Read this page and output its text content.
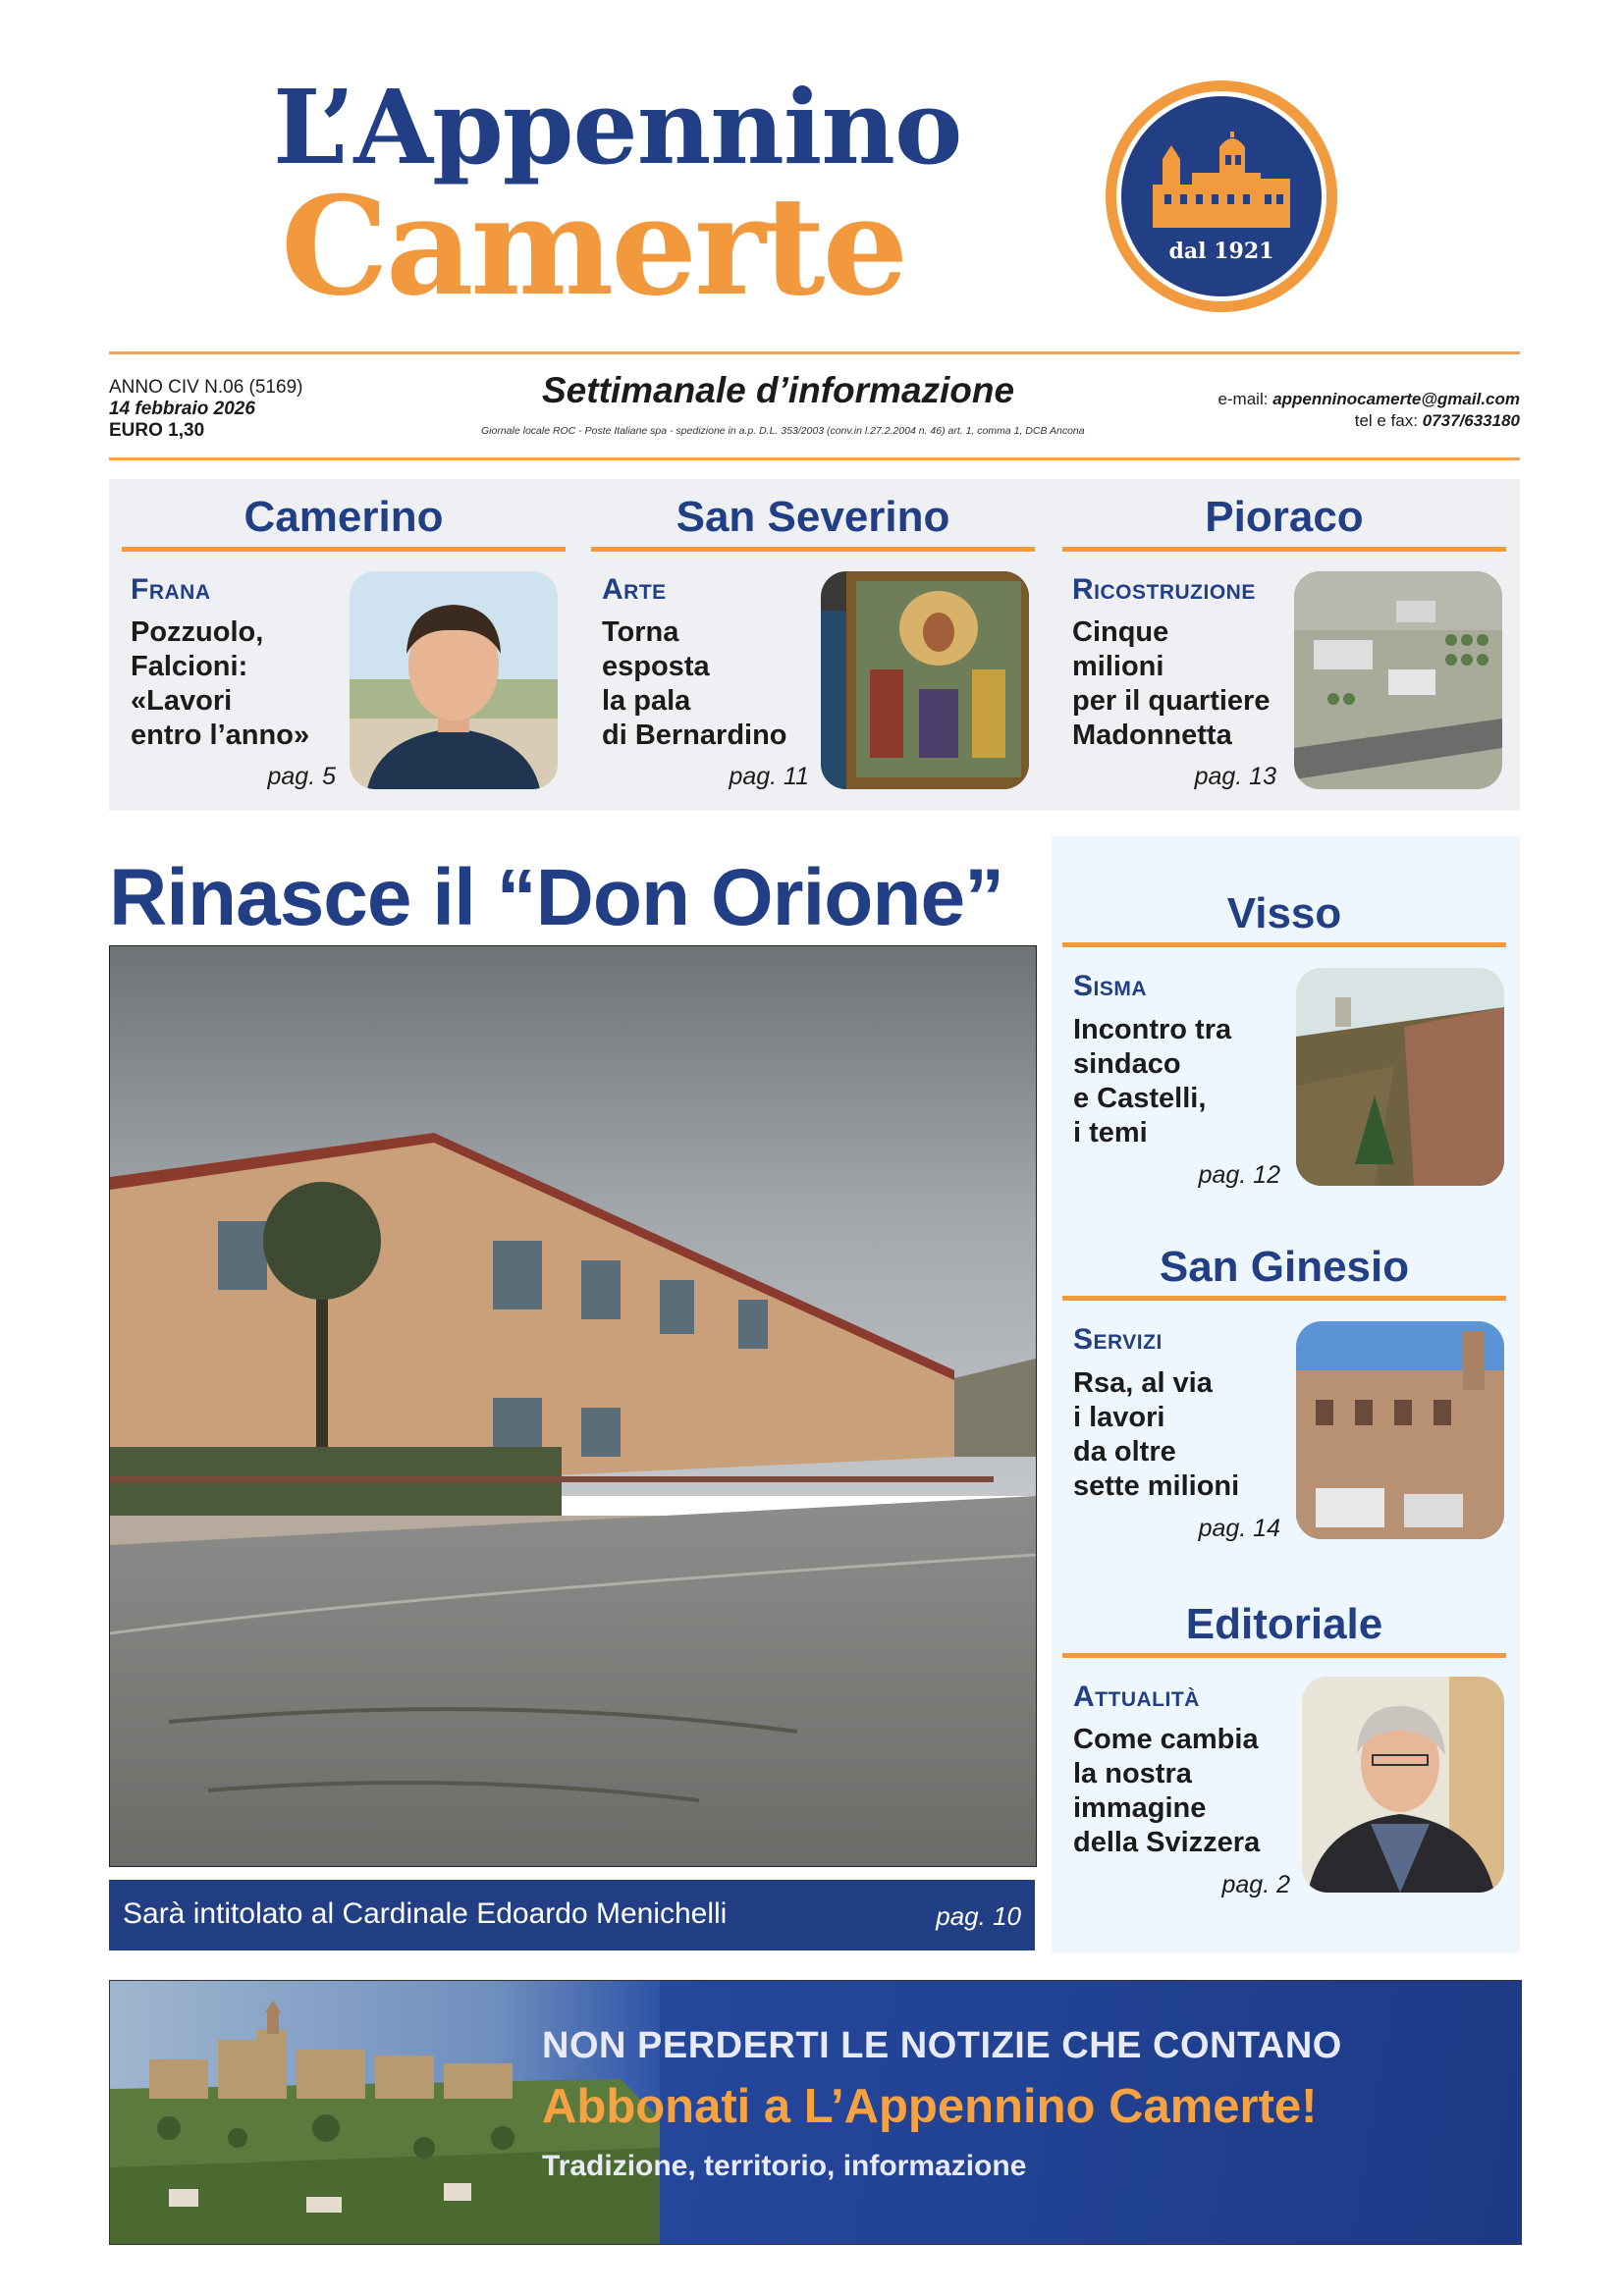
L’Appennino
Camerte	dal 1921
ANNO CIV N.06 (5169)
14 febbraio 2026
EURO 1,30
Settimanale d’informazione
Giornale locale ROC - Poste Italiane spa - spedizione in a.p. D.L. 353/2003 (conv.in l.27.2.2004 n. 46) art. 1, comma 1, DCB Ancona
e-mail: appenninocamerte@gmail.com
tel e fax: 0737/633180
Camerino
Frana
Pozzuolo,
Falcioni:
«Lavori
entro l’anno»
pag. 5
San Severino
Arte
Torna
esposta
la pala
di Bernardino
pag. 11
Pioraco
Ricostruzione
Cinque
milioni
per il quartiere
Madonnetta
pag. 13
Rinasce il “Don Orione”
Sarà intitolato al Cardinale Edoardo Menichelli	pag. 10
Visso
Sisma
Incontro tra
sindaco
e Castelli,
i temi
pag. 12
San Ginesio
Servizi
Rsa, al via
i lavori
da oltre
sette milioni
pag. 14
Editoriale
Attualità
Come cambia
la nostra
immagine
della Svizzera
pag. 2
NON PERDERTI LE NOTIZIE CHE CONTANO
Abbonati a L’Appennino Camerte!
Tradizione, territorio, informazione
